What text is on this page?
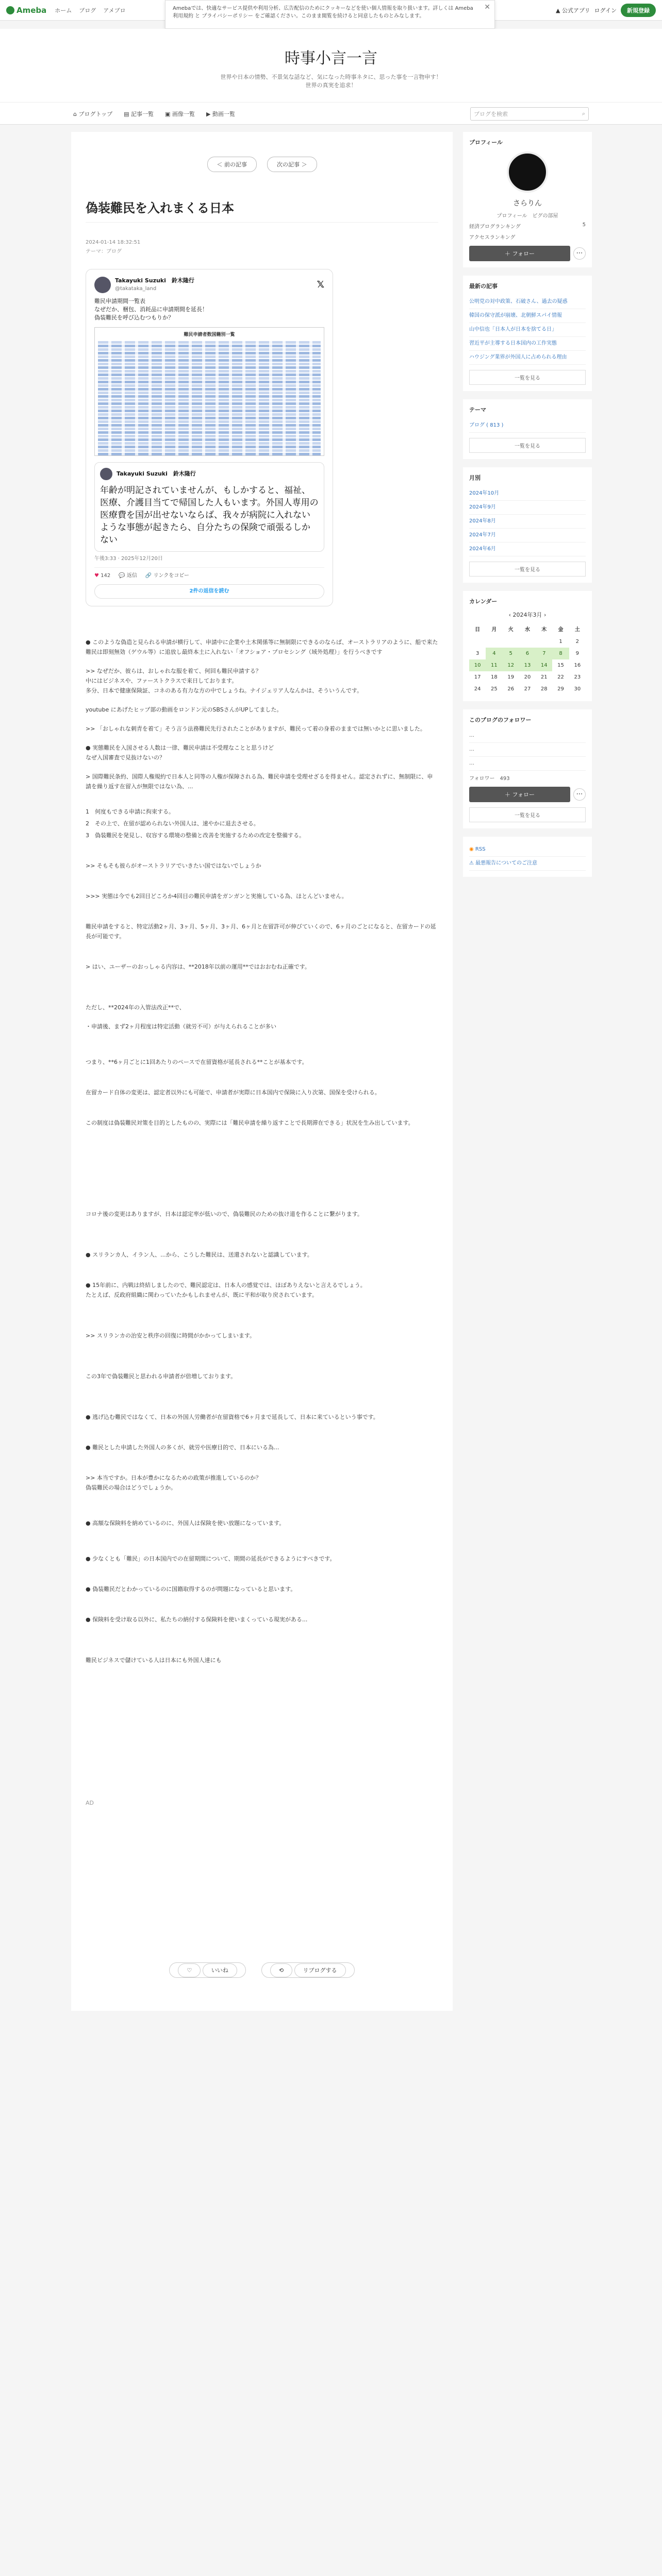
Ameba ホーム ブログ アメブロ	▲ 公式アプリ ログイン	新規登録
✕
Amebaでは、快適なサービス提供や利用分析、広告配信のためにクッキーなどを使い個人情報を取り扱います。詳しくは Ameba利用規約 と プライバシーポリシー をご確認ください。このまま閲覧を続けると同意したものとみなします。
時事小言一言
世界や日本の情勢、不景気な話など、気になった時事ネタに、思った事を一言物申す！
世界の真実を追求！
⌂ ブログトップ ▤ 記事一覧 ▣ 画像一覧 ▶ 動画一覧	ブログを検索	⌕
＜ 前の記事	次の記事 ＞
偽装難民を入れまくる日本
2024-01-14 18:32:51
テーマ：ブログ
Takayuki Suzuki　鈴木隆行
@takataka_land	𝕏
難民申請期間一覧表
なぜだか、梱包、消耗品に申請期間を延長！
偽装難民を呼び込むつもりか？
難民申請者数国籍別一覧
Takayuki Suzuki　鈴木隆行
年齢が明記されていませんが、もしかすると、福祉、医療、介護目当てで帰国した人もいます。外国人専用の医療費を国が出せないならば、我々が病院に入れないような事態が起きたら、自分たちの保険で頑張るしかない
午後3:33 · 2025年12月20日
♥ 142 💬 返信 🔗 リンクをコピー
2件の返信を読む
● このような偽造と見られる申請が横行して、申請中に企業や土木関係等に無制限にできるのならば、オーストラリアのように、船で来た難民は即刻無効（ゲウル等）に追放し最終本土に入れない「オフショア・プロセシング（域外処理）」を行うべきです
>> なぜだか、彼らは、おしゃれな服を着て、何回も難民申請する？
中にはビジネスや、ファーストクラスで来日しております。
多分、日本で健康保険証、コネのある有力な方の中でしょうね。ナイジェリア人なんかは、そういうんです。
youtube にあげたヒップ部の動画をロンドン元のSBSさんがUPしてました。
>> 「おしゃれな刺青を着て」そう言う法務難民先行されたことがありますが、難民って着の身着のままでは無いかとに思いました。
● 実態難民を入国させる人数は一律、難民申請は不受理なことと思うけど
なぜ入国審査で見抜けないの？
> 国際難民条約、国際人権規約で日本人と同等の人権が保障される為、難民申請を受理せざるを得ません。認定されずに、無制限に、申請を繰り返す在留入が無限ではない為、...
1　何度もできる申請に拘束する。
2　その上で、在留が認められない外国人は、速やかに退去させる。
3　偽装難民を発見し、収容する環境の整備と改善を実施するための改定を整備する。
>> そもそも彼らがオーストラリアでいきたい国ではないでしょうか
>>> 実態は今でも2回目どころか4回目の難民申請をガンガンと実施している為、ほとんどいません。
難民申請をすると、特定活動2ヶ月、3ヶ月、5ヶ月、3ヶ月、6ヶ月と在留許可が伸びていくので、6ヶ月のごとになると、在留カードの延長が可能です。
> はい、ユーザーのおっしゃる内容は、**2018年以前の運用**ではおおむね正確です。
ただし、**2024年の入管法改正**で、
・申請後、まず2ヶ月程度は特定活動（就労不可）が与えられることが多い
つまり、**6ヶ月ごとに1回あたりのペースで在留資格が延長される**ことが基本です。
在留カード自体の変更は、認定者以外にも可能で、申請者が実際に日本国内で保険に入り次第、国保を受けられる。
この制度は偽装難民対策を目的としたものの、実際には「難民申請を繰り返すことで長期滞在できる」状況を生み出しています。
コロナ後の変更はありますが、日本は認定率が低いので、偽装難民のための抜け道を作ることに繋がります。
● スリランカ人、イラン人、...から、こうした難民は、送還されないと認識しています。
● 15年前に、内戦は終結しましたので、難民認定は、日本人の感覚では、ほぼありえないと言えるでしょう。
たとえば、反政府組織に関わっていたかもしれませんが、既に平和が取り戻されています。
>> スリランカの治安と秩序の回復に時間がかかってしまいます。
この3年で偽装難民と思われる申請者が倍増しております。
● 逃げ込む難民ではなくて、日本の外国人労働者が在留資格で6ヶ月まで延長して、日本に来ているという事です。
● 難民とした申請した外国人の多くが、就労や医療目的で、日本にいる為...
>> 本当ですか。日本が豊かになるための政策が推進しているのか？
偽装難民の場合はどうでしょうか。
● 高額な保険料を納めているのに、外国人は保険を使い放題になっています。
● 少なくとも「難民」の日本国内での在留期間について、期間の延長ができるようにすべきです。
● 偽装難民だとわかっているのに国籍取得するのが問題になっていると思います。
● 保険料を受け取る以外に、私たちの納付する保険料を使いまくっている現実がある...
難民ビジネスで儲けている人は日本にも外国人達にも
AD
♡	いいね	⟲	リブログする
プロフィール
さらりん
プロフィール　ピグの部屋
経済ブログランキング	5
アクセスランキング
＋ フォロー	⋯
最新の記事
公明党の対中政策、石破さん、過去の疑惑
韓国の保守派が崩壊、北朝鮮スパイ情報
山中信也「日本人が日本を捨てる日」
習近平が主導する日本国内の工作実態
ハウジング業界が外国人に占められる理由
一覧を見る
テーマ
ブログ ( 813 )
一覧を見る
月別
2024年10月
2024年9月
2024年8月
2024年7月
2024年6月
一覧を見る
カレンダー
‹ 2024年3月 ›
日	月	火	水	木	金	土
					1	2
3	4	5	6	7	8	9
10	11	12	13	14	15	16
17	18	19	20	21	22	23
24	25	26	27	28	29	30
このブログのフォロワー
…
…
…
フォロワー　493
＋ フォロー	⋯
一覧を見る
◉ RSS
⚠ 最悪報告についてのご注意
